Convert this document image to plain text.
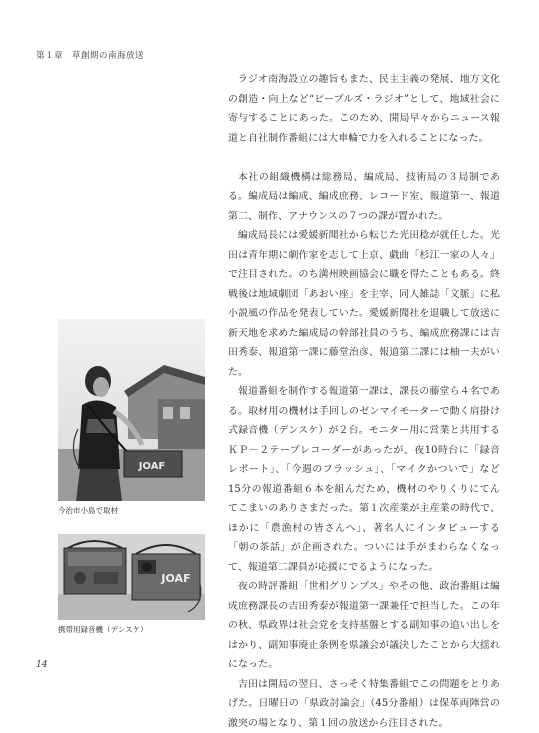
第１章　草創期の南海放送

ラジオ南海設立の趣旨もまた、民主主義の発展、地方文化の創造・向上など“ピープルズ・ラジオ”として、地域社会に寄与することにあった。このため、開局早々からニュース報道と自社制作番組には大車輪で力を入れることになった。

本社の組織機構は総務局、編成局、技術局の３局制である。編成局は編成、編成庶務、レコード室、報道第一、報道第二、制作、アナウンスの７つの課が置かれた。

編成局長には愛媛新聞社から転じた光田稔が就任した。光田は青年期に劇作家を志して上京、戯曲「杉江一家の人々」で注目された。のち満州映画協会に職を得たこともある。終戦後は地域劇団「あおい座」を主宰、同人雑誌「文脈」に私小説風の作品を発表していた。愛媛新聞社を退職して放送に新天地を求めた編成局の幹部社員のうち、編成庶務課には吉田秀泰、報道第一課に藤堂治彦、報道第二課には柚一夫がいた。

報道番組を制作する報道第一課は、課長の藤堂ら４名である。取材用の機材は手回しのゼンマイモーターで動く肩掛け式録音機（デンスケ）が２台。モニター用に営業と共用するＫＰ－２テープレコーダーがあったが、夜10時台に「録音レポート」、「今週のフラッシュ」、「マイクかついで」など15分の報道番組６本を組んだため、機材のやりくりにてんてこまいのありさまだった。第１次産業が主産業の時代で、ほかに「農漁村の皆さんへ」、著名人にインタビューする「朝の茶話」が企画された。ついには手がまわらなくなって、報道第二課員が応援にでるようになった。

夜の時評番組「世相グリンプス」やその他、政治番組は編成庶務課長の吉田秀泰が報道第一課兼任で担当した。この年の秋、県政界は社会党を支持基盤とする副知事の追い出しをはかり、副知事廃止条例を県議会が議決したことから大揺れになった。

吉田は開局の翌日、さっそく特集番組でこの問題をとりあげた。日曜日の「県政討論会」（45分番組）は保革両陣営の激突の場となり、第１回の放送から注目された。

JOAF
今治市小島で取材
JOAF
携帯用録音機（デンスケ）
14
